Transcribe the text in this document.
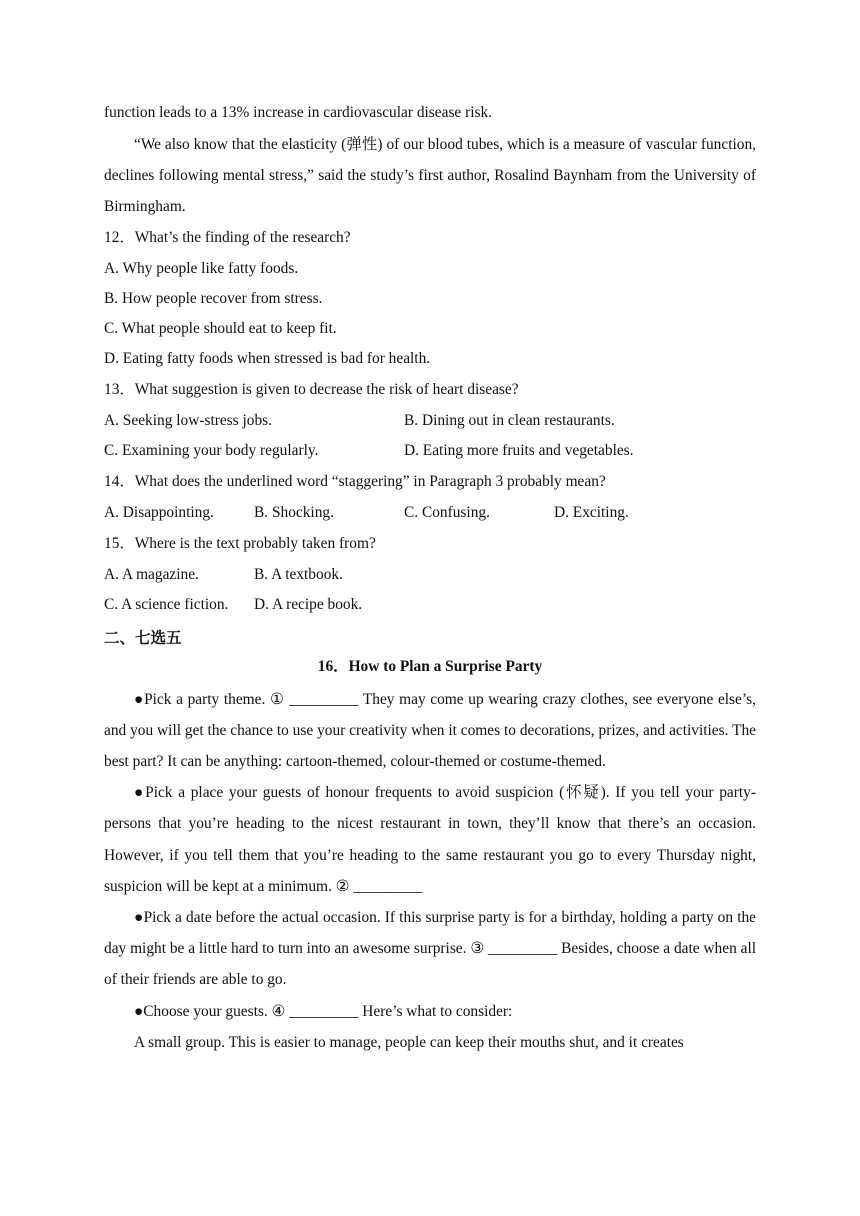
function leads to a 13% increase in cardiovascular disease risk.

“We also know that the elasticity (弹性) of our blood tubes, which is a measure of vascular function, declines following mental stress,” said the study’s first author, Rosalind Baynham from the University of Birmingham.

12．What’s the finding of the research?
A. Why people like fatty foods.
B. How people recover from stress.
C. What people should eat to keep fit.
D. Eating fatty foods when stressed is bad for health.
13．What suggestion is given to decrease the risk of heart disease?
A. Seeking low-stress jobs.	B. Dining out in clean restaurants.
C. Examining your body regularly.	D. Eating more fruits and vegetables.
14．What does the underlined word “staggering” in Paragraph 3 probably mean?
A. Disappointing.	B. Shocking.	C. Confusing.	D. Exciting.
15．Where is the text probably taken from?
A. A magazine.	B. A textbook.
C. A science fiction.	D. A recipe book.
二、七选五
16．How to Plan a Surprise Party

●Pick a party theme. ① _________ They may come up wearing crazy clothes, see everyone else’s, and you will get the chance to use your creativity when it comes to decorations, prizes, and activities. The best part? It can be anything: cartoon-themed, colour-themed or costume-themed.

●Pick a place your guests of honour frequents to avoid suspicion (怀疑). If you tell your party-persons that you’re heading to the nicest restaurant in town, they’ll know that there’s an occasion. However, if you tell them that you’re heading to the same restaurant you go to every Thursday night, suspicion will be kept at a minimum. ② _________

●Pick a date before the actual occasion. If this surprise party is for a birthday, holding a party on the day might be a little hard to turn into an awesome surprise. ③ _________ Besides, choose a date when all of their friends are able to go.

●Choose your guests. ④ _________ Here’s what to consider:

A small group. This is easier to manage, people can keep their mouths shut, and it creates
